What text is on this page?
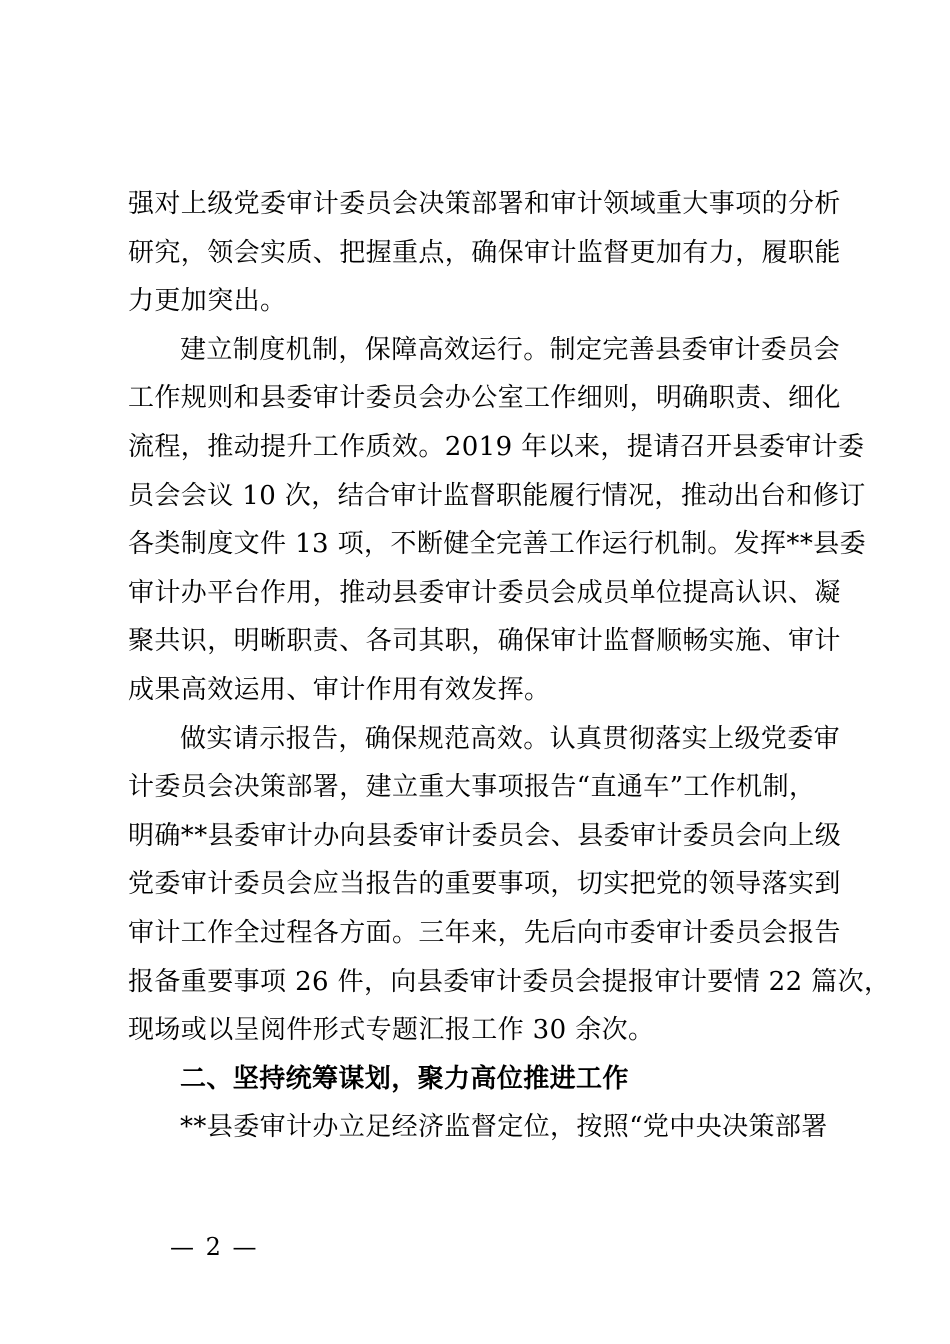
强对上级党委审计委员会决策部署和审计领域重大事项的分析
研究，领会实质、把握重点，确保审计监督更加有力，履职能
力更加突出。
建立制度机制，保障高效运行。制定完善县委审计委员会
工作规则和县委审计委员会办公室工作细则，明确职责、细化
流程，推动提升工作质效。2019 年以来，提请召开县委审计委
员会会议 10 次，结合审计监督职能履行情况，推动出台和修订
各类制度文件 13 项，不断健全完善工作运行机制。发挥**县委
审计办平台作用，推动县委审计委员会成员单位提高认识、凝
聚共识，明晰职责、各司其职，确保审计监督顺畅实施、审计
成果高效运用、审计作用有效发挥。
做实请示报告，确保规范高效。认真贯彻落实上级党委审
计委员会决策部署，建立重大事项报告“直通车”工作机制，
明确**县委审计办向县委审计委员会、县委审计委员会向上级
党委审计委员会应当报告的重要事项，切实把党的领导落实到
审计工作全过程各方面。三年来，先后向市委审计委员会报告
报备重要事项 26 件，向县委审计委员会提报审计要情 22 篇次，
现场或以呈阅件形式专题汇报工作 30 余次。
二、坚持统筹谋划，聚力高位推进工作
**县委审计办立足经济监督定位，按照“党中央决策部署
— 2 —
